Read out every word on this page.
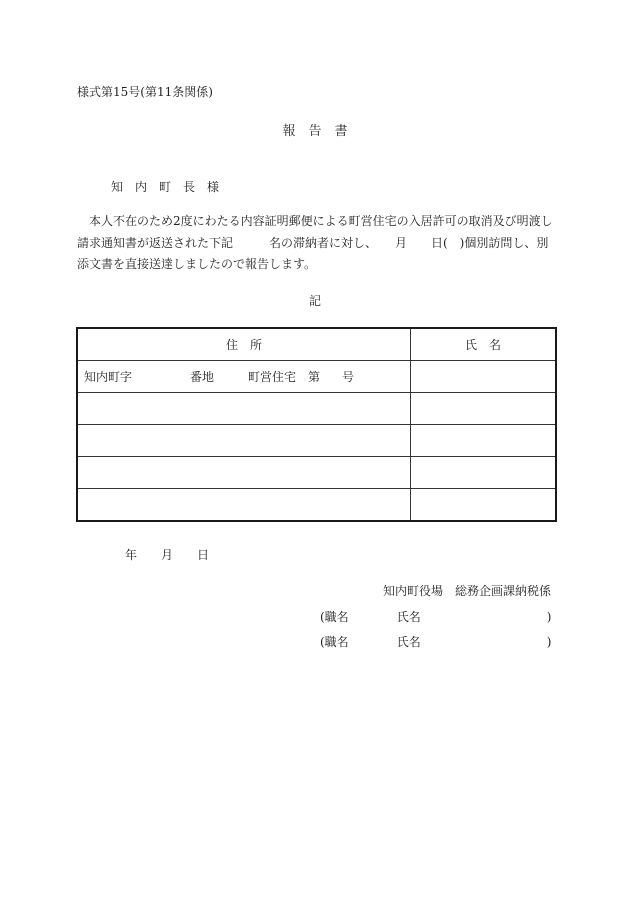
様式第15号(第11条関係)
報　告　書
知　内　町　長　様
本人不在のため2度にわたる内容証明郵便による町営住宅の入居許可の取消及び明渡し
請求通知書が返送された下記　　　名の滞納者に対し、　　月　　日(　)個別訪問し、別
添文書を直接送達しましたので報告します。
記
住　所	氏　名
知内町字 番地 町営住宅　第 号	

年　　月　　日
知内町役場　総務企画課納税係
(職名	氏名	)
(職名	氏名	)
